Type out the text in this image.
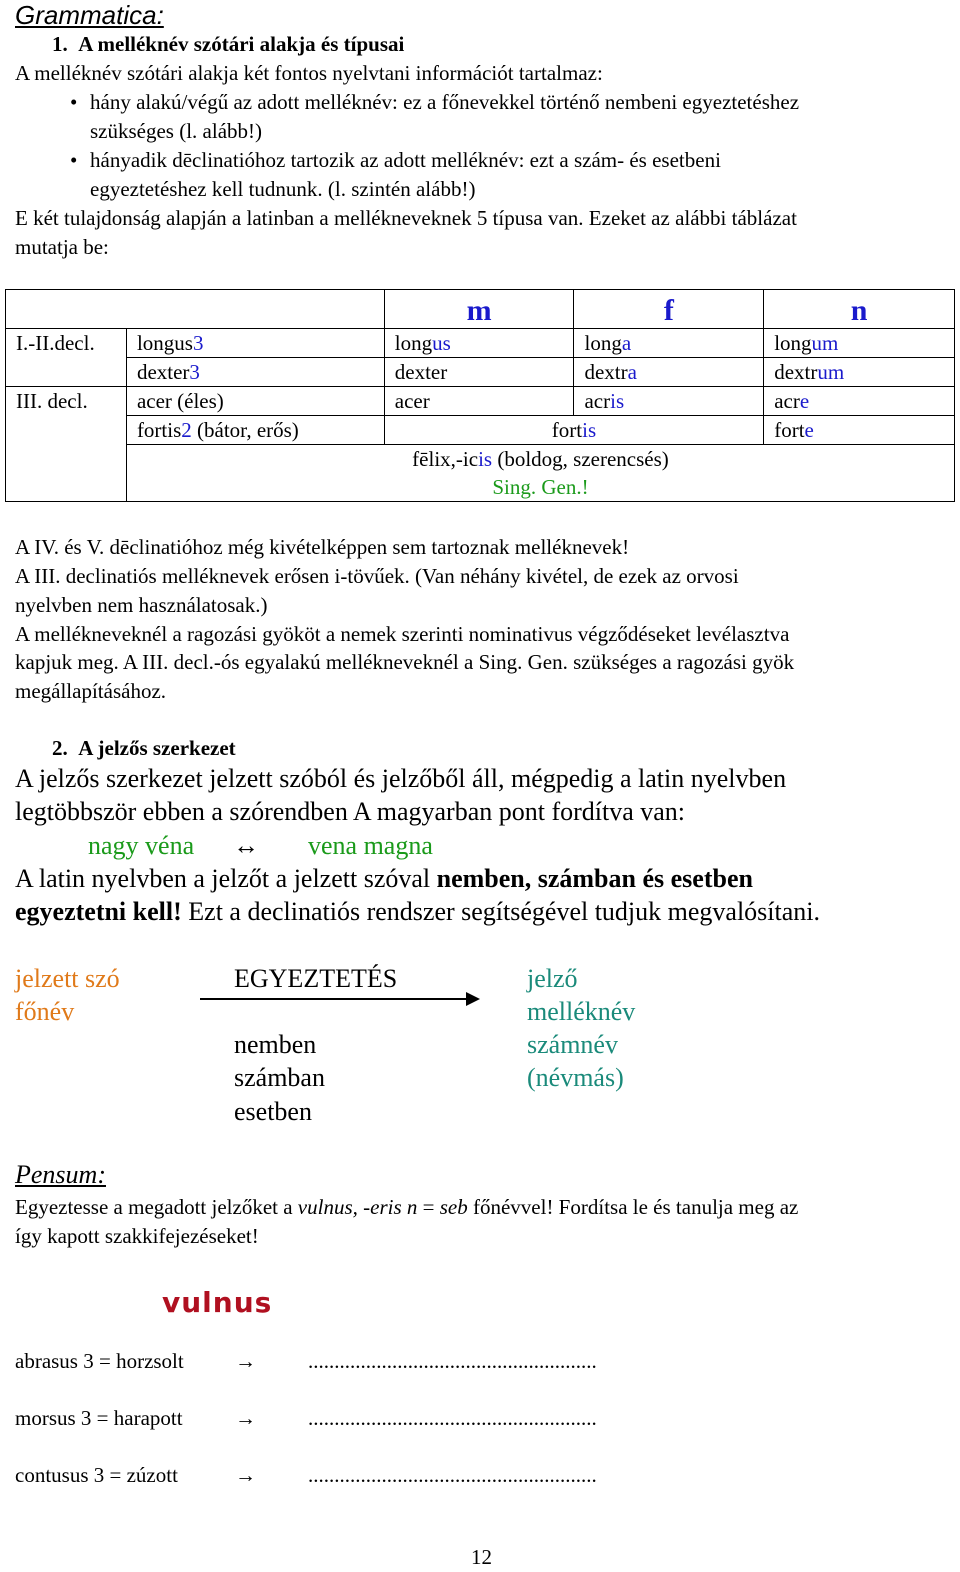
Grammatica:
1. A melléknév szótári alakja és típusai
A melléknév szótári alakja két fontos nyelvtani információt tartalmaz:
• hány alakú/végű az adott melléknév: ez a főnevekkel történő nembeni egyeztetéshez
szükséges (l. alább!)
• hányadik dēclinatióhoz tartozik az adott melléknév: ezt a szám- és esetbeni
egyeztetéshez kell tudnunk. (l. szintén alább!)
E két tulajdonság alapján a latinban a mellékneveknek 5 típusa van. Ezeket az alábbi táblázat
mutatja be:
		m	f	n
I.-II.decl.	longus3	longus	longa	longum
	dexter3	dexter	dextra	dextrum
III. decl.	acer (éles)	acer	acris	acre
	fortis2 (bátor, erős)	fortis		forte

	fēlix,-icis (boldog, szerencsés)
Sing. Gen.!			
A IV. és V. dēclinatióhoz még kivételképpen sem tartoznak melléknevek!
A III. declinatiós melléknevek erősen i-tövűek. (Van néhány kivétel, de ezek az orvosi
nyelvben nem használatosak.)
A mellékneveknél a ragozási gyököt a nemek szerinti nominativus végződéseket levélasztva
kapjuk meg. A III. decl.-ós egyalakú mellékneveknél a Sing. Gen. szükséges a ragozási gyök
megállapításához.
2. A jelzős szerkezet
A jelzős szerkezet jelzett szóból és jelzőből áll, mégpedig a latin nyelvben
legtöbbször ebben a szórendben A magyarban pont fordítva van:
nagy véna ↔ vena magna
A latin nyelvben a jelzőt a jelzett szóval nemben, számban és esetben
egyeztetni kell! Ezt a declinatiós rendszer segítségével tudjuk megvalósítani.
jelzett szó
főnév
EGYEZTETÉS
nemben
számban
esetben
jelző
melléknév
számnév
(névmás)
Pensum:
Egyeztesse a megadott jelzőket a vulnus, -eris n = seb főnévvel! Fordítsa le és tanulja meg az
így kapott szakkifejezéseket!
vulnus
abrasus 3 = horzsolt → .......................................................
morsus 3 = harapott → .......................................................
contusus 3 = zúzott	→ .......................................................
12
